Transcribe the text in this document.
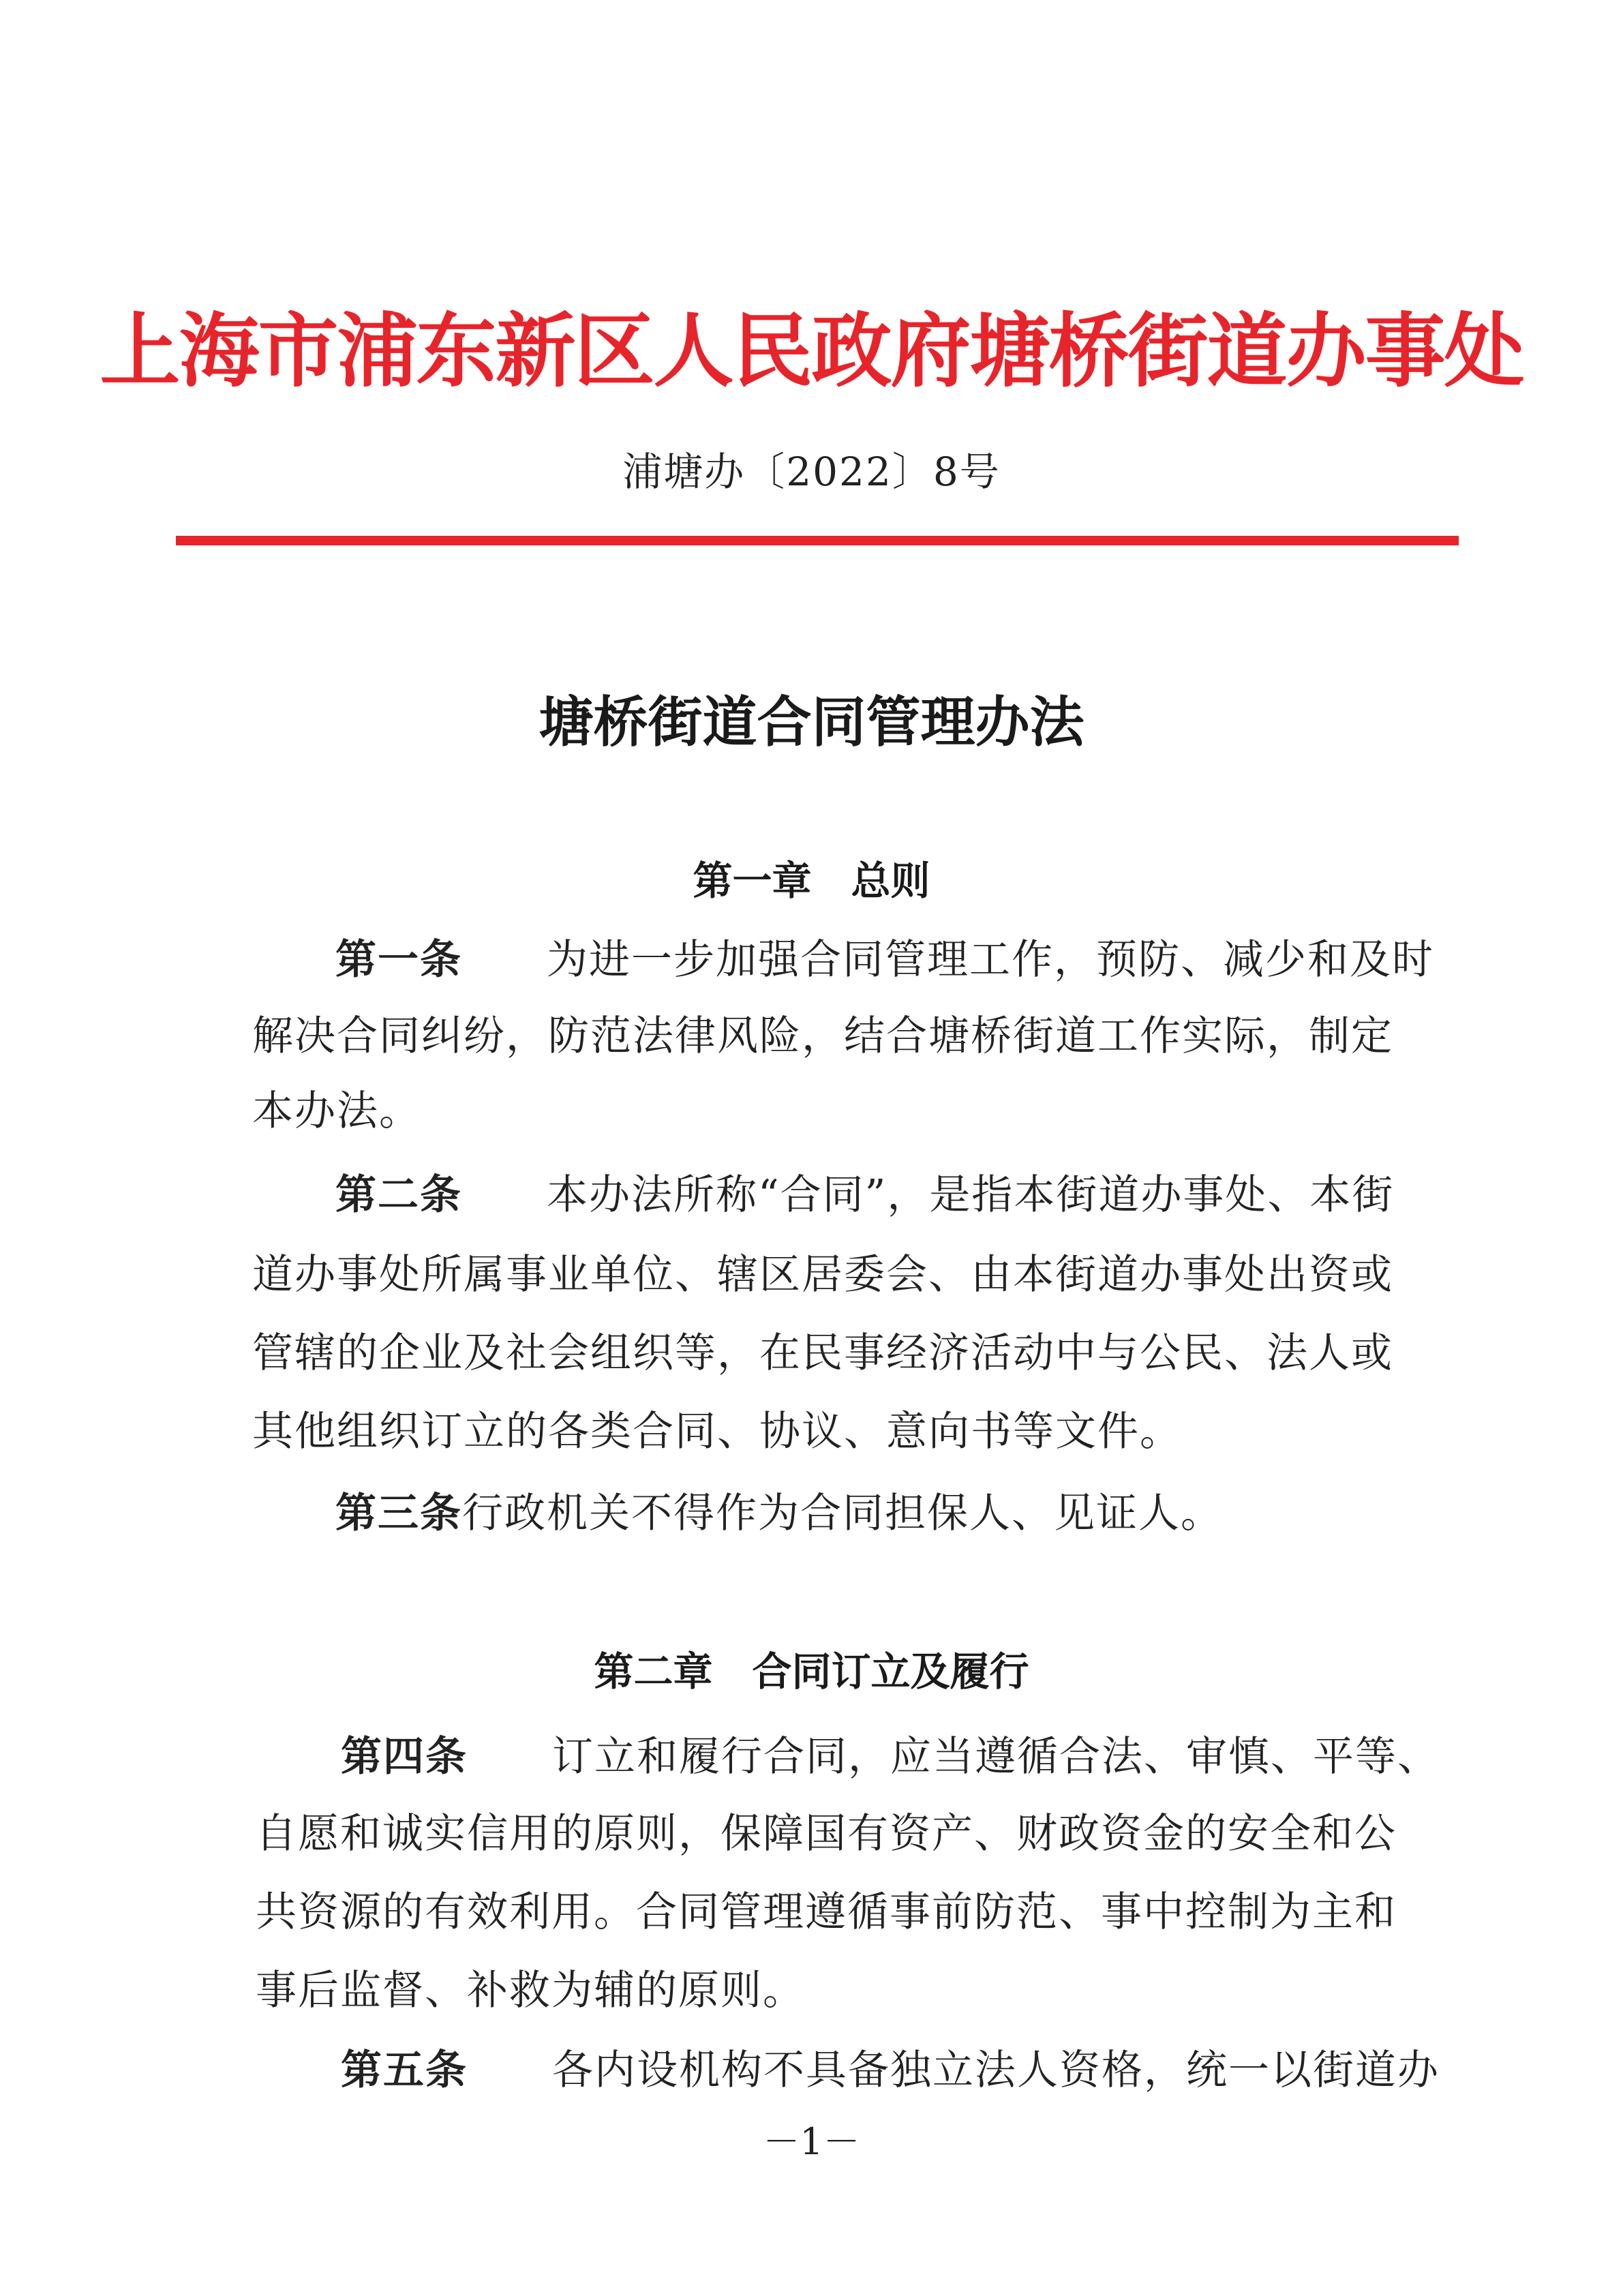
上海市浦东新区人民政府塘桥街道办事处
浦塘办〔2022〕8号
塘桥街道合同管理办法
第一章　总则
第一条　　 为进一步加强合同管理工作，预防、减少和及时
解决合同纠纷，防范法律风险，结合塘桥街道工作实际，制定
本办法。
第二条　　 本办法所称“合同”，是指本街道办事处、本街
道办事处所属事业单位、辖区居委会、由本街道办事处出资或
管辖的企业及社会组织等，在民事经济活动中与公民、法人或
其他组织订立的各类合同、协议、意向书等文件。
第三条行政机关不得作为合同担保人、见证人。
第二章　合同订立及履行
第四条　　 订立和履行合同，应当遵循合法、审慎、平等、
自愿和诚实信用的原则，保障国有资产、财政资金的安全和公
共资源的有效利用。合同管理遵循事前防范、事中控制为主和
事后监督、补救为辅的原则。
第五条　　 各内设机构不具备独立法人资格，统一以街道办
－1－
